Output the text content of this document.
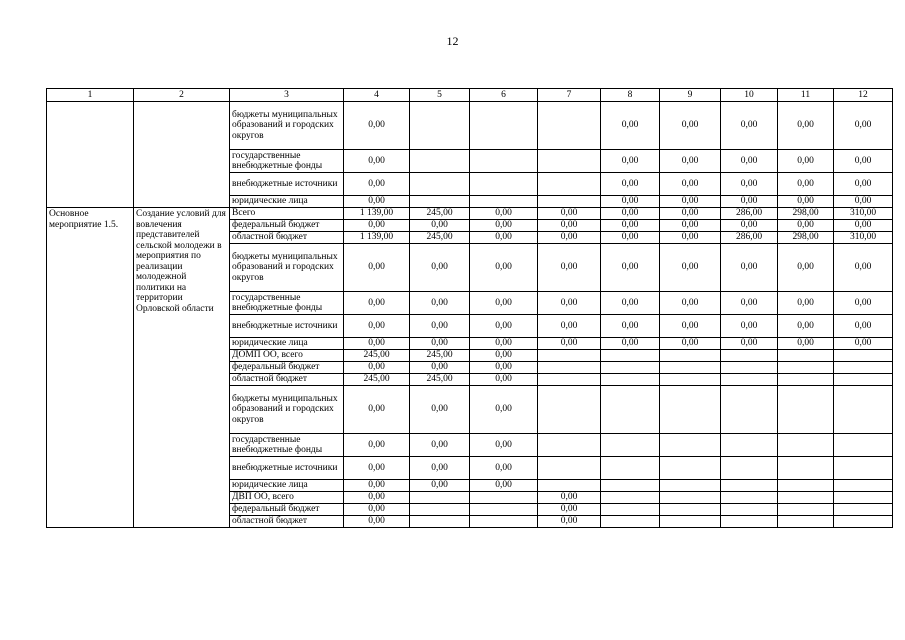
12
1	2	3	4	5	6	7	8	9	10	11	12
		бюджеты муниципальных образований и городских округов	0,00				0,00	0,00	0,00	0,00	0,00
		государственные внебюджетные фонды	0,00				0,00	0,00	0,00	0,00	0,00
		внебюджетные источники	0,00				0,00	0,00	0,00	0,00	0,00
		юридические лица	0,00				0,00	0,00	0,00	0,00	0,00
Основное мероприятие 1.5.	Создание условий для вовлечения представителей сельской молодежи в мероприятия по реализации молодежной политики на территории Орловской области	Всего	1 139,00	245,00	0,00	0,00	0,00	0,00	286,00	298,00	310,00
		федеральный бюджет	0,00	0,00	0,00	0,00	0,00	0,00	0,00	0,00	0,00
		областной бюджет	1 139,00	245,00	0,00	0,00	0,00	0,00	286,00	298,00	310,00
		бюджеты муниципальных образований и городских округов	0,00	0,00	0,00	0,00	0,00	0,00	0,00	0,00	0,00
		государственные внебюджетные фонды	0,00	0,00	0,00	0,00	0,00	0,00	0,00	0,00	0,00
		внебюджетные источники	0,00	0,00	0,00	0,00	0,00	0,00	0,00	0,00	0,00
		юридические лица	0,00	0,00	0,00	0,00	0,00	0,00	0,00	0,00	0,00
		ДОМП ОО, всего	245,00	245,00	0,00						
		федеральный бюджет	0,00	0,00	0,00						
		областной бюджет	245,00	245,00	0,00						
		бюджеты муниципальных образований и городских округов	0,00	0,00	0,00						
		государственные внебюджетные фонды	0,00	0,00	0,00						
		внебюджетные источники	0,00	0,00	0,00						
		юридические лица	0,00	0,00	0,00						
		ДВП ОО, всего	0,00			0,00					
		федеральный бюджет	0,00			0,00					
		областной бюджет	0,00			0,00					
